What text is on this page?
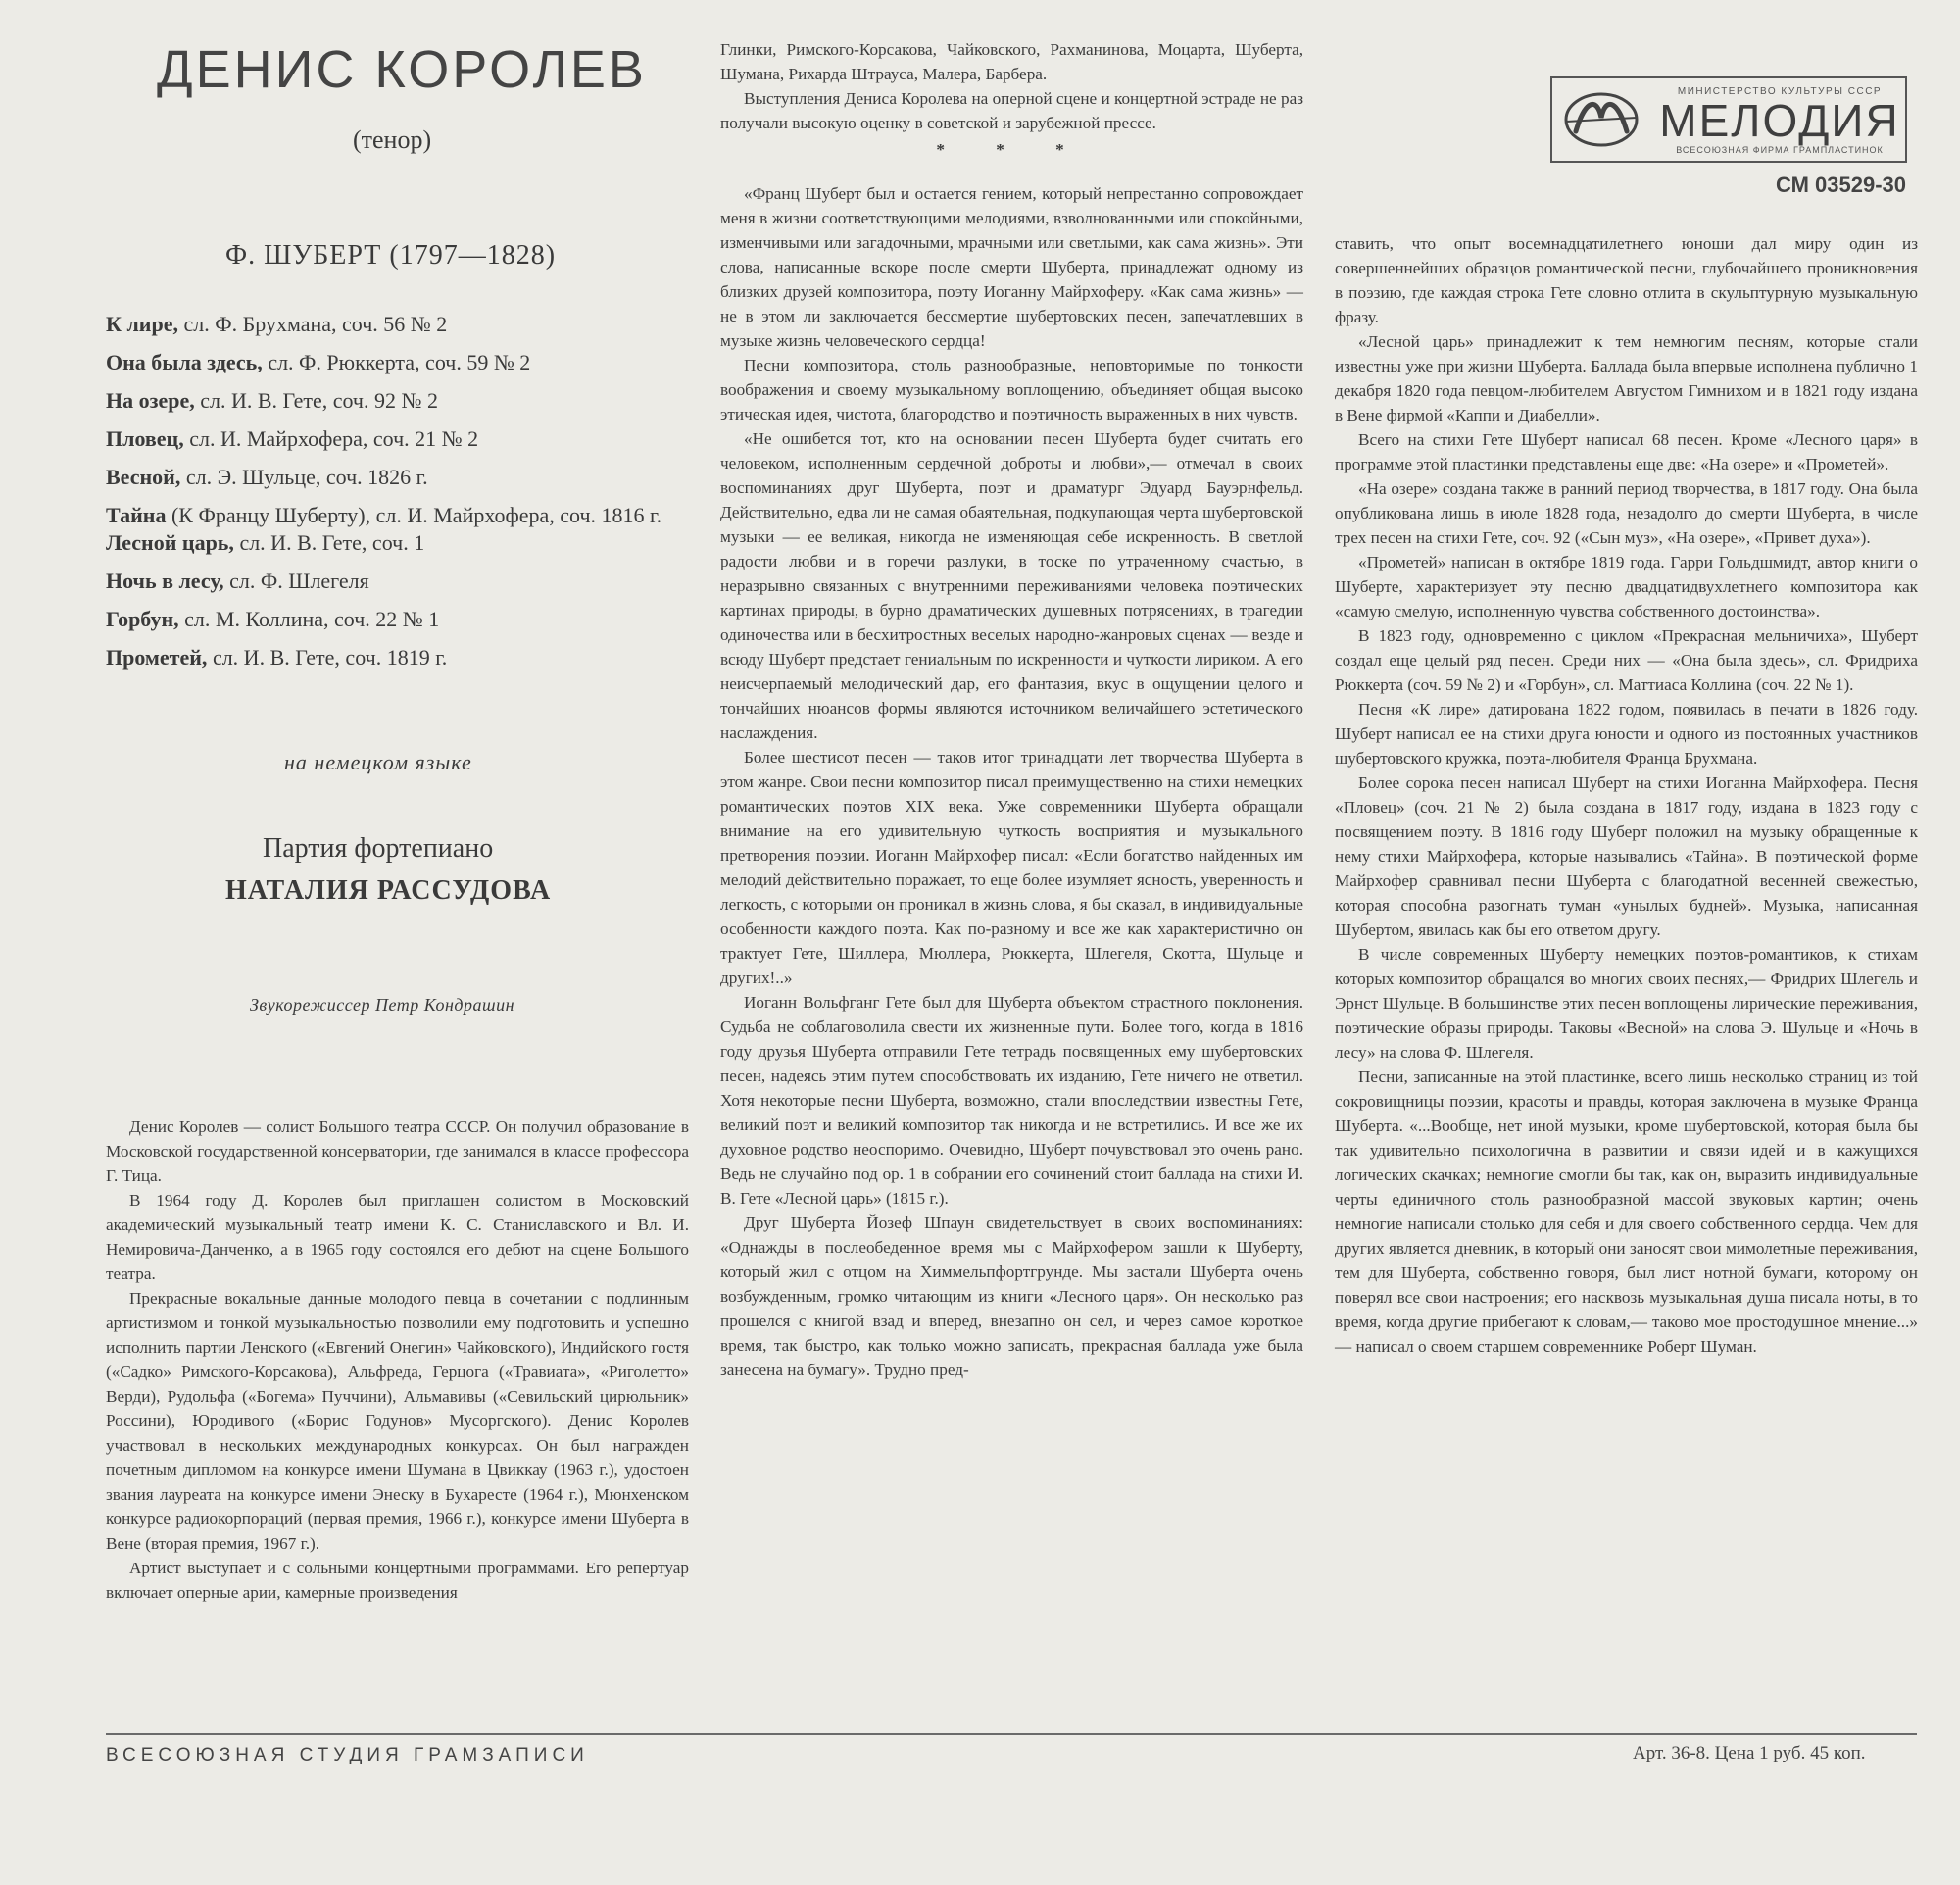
ДЕНИС КОРОЛЕВ
(тенор)
Ф. ШУБЕРТ (1797—1828)
К лире, сл. Ф. Брухмана, соч. 56 № 2
Она была здесь, сл. Ф. Рюккерта, соч. 59 № 2
На озере, сл. И. В. Гете, соч. 92 № 2
Пловец, сл. И. Майрхофера, соч. 21 № 2
Весной, сл. Э. Шульце, соч. 1826 г.
Тайна (К Францу Шуберту), сл. И. Майрхофера, соч. 1816 г.
Лесной царь, сл. И. В. Гете, соч. 1
Ночь в лесу, сл. Ф. Шлегеля
Горбун, сл. М. Коллина, соч. 22 № 1
Прометей, сл. И. В. Гете, соч. 1819 г.
на немецком языке
Партия фортепиано
НАТАЛИЯ РАССУДОВА
Звукорежиссер Петр Кондрашин

Денис Королев — солист Большого театра СССР. Он получил образование в Московской государственной консерватории, где занимался в классе профессора Г. Тица.

В 1964 году Д. Королев был приглашен солистом в Московский академический музыкальный театр имени К. С. Станиславского и Вл. И. Немировича-Данченко, а в 1965 году состоялся его дебют на сцене Большого театра.

Прекрасные вокальные данные молодого певца в сочетании с подлинным артистизмом и тонкой музыкальностью позволили ему подготовить и успешно исполнить партии Ленского («Евгений Онегин» Чайковского), Индийского гостя («Садко» Римского-Корсакова), Альфреда, Герцога («Травиата», «Риголетто» Верди), Рудольфа («Богема» Пуччини), Альмавивы («Севильский цирюльник» Россини), Юродивого («Борис Годунов» Мусоргского). Денис Королев участвовал в нескольких международных конкурсах. Он был награжден почетным дипломом на конкурсе имени Шумана в Цвиккау (1963 г.), удостоен звания лауреата на конкурсе имени Энеску в Бухаресте (1964 г.), Мюнхенском конкурсе радиокорпораций (первая премия, 1966 г.), конкурсе имени Шуберта в Вене (вторая премия, 1967 г.).

Артист выступает и с сольными концертными программами. Его репертуар включает оперные арии, камерные произведения

Глинки, Римского-Корсакова, Чайковского, Рахманинова, Моцарта, Шуберта, Шумана, Рихарда Штрауса, Малера, Барбера.

Выступления Дениса Королева на оперной сцене и концертной эстраде не раз получали высокую оценку в советской и зарубежной прессе.

* * *

«Франц Шуберт был и остается гением, который непрестанно сопровождает меня в жизни соответствующими мелодиями, взволнованными или спокойными, изменчивыми или загадочными, мрачными или светлыми, как сама жизнь». Эти слова, написанные вскоре после смерти Шуберта, принадлежат одному из близких друзей композитора, поэту Иоганну Майрхоферу. «Как сама жизнь» — не в этом ли заключается бессмертие шубертовских песен, запечатлевших в музыке жизнь человеческого сердца!

Песни композитора, столь разнообразные, неповторимые по тонкости воображения и своему музыкальному воплощению, объединяет общая высоко этическая идея, чистота, благородство и поэтичность выраженных в них чувств.

«Не ошибется тот, кто на основании песен Шуберта будет считать его человеком, исполненным сердечной доброты и любви»,— отмечал в своих воспоминаниях друг Шуберта, поэт и драматург Эдуард Бауэрнфельд. Действительно, едва ли не самая обаятельная, подкупающая черта шубертовской музыки — ее великая, никогда не изменяющая себе искренность. В светлой радости любви и в горечи разлуки, в тоске по утраченному счастью, в неразрывно связанных с внутренними переживаниями человека поэтических картинах природы, в бурно драматических душевных потрясениях, в трагедии одиночества или в бесхитростных веселых народно-жанровых сценах — везде и всюду Шуберт предстает гениальным по искренности и чуткости лириком. А его неисчерпаемый мелодический дар, его фантазия, вкус в ощущении целого и тончайших нюансов формы являются источником величайшего эстетического наслаждения.

Более шестисот песен — таков итог тринадцати лет творчества Шуберта в этом жанре. Свои песни композитор писал преимущественно на стихи немецких романтических поэтов XIX века. Уже современники Шуберта обращали внимание на его удивительную чуткость восприятия и музыкального претворения поэзии. Иоганн Майрхофер писал: «Если богатство найденных им мелодий действительно поражает, то еще более изумляет ясность, уверенность и легкость, с которыми он проникал в жизнь слова, я бы сказал, в индивидуальные особенности каждого поэта. Как по-разному и все же как характеристично он трактует Гете, Шиллера, Мюллера, Рюккерта, Шлегеля, Скотта, Шульце и других!..»

Иоганн Вольфганг Гете был для Шуберта объектом страстного поклонения. Судьба не соблаговолила свести их жизненные пути. Более того, когда в 1816 году друзья Шуберта отправили Гете тетрадь посвященных ему шубертовских песен, надеясь этим путем способствовать их изданию, Гете ничего не ответил. Хотя некоторые песни Шуберта, возможно, стали впоследствии известны Гете, великий поэт и великий композитор так никогда и не встретились. И все же их духовное родство неоспоримо. Очевидно, Шуберт почувствовал это очень рано. Ведь не случайно под ор. 1 в собрании его сочинений стоит баллада на стихи И. В. Гете «Лесной царь» (1815 г.).

Друг Шуберта Йозеф Шпаун свидетельствует в своих воспоминаниях: «Однажды в послеобеденное время мы с Майрхофером зашли к Шуберту, который жил с отцом на Химмельпфортгрунде. Мы застали Шуберта очень возбужденным, громко читающим из книги «Лесного царя». Он несколько раз прошелся с книгой взад и вперед, внезапно он сел, и через самое короткое время, так быстро, как только можно записать, прекрасная баллада уже была занесена на бумагу». Трудно пред-

МИНИСТЕРСТВО КУЛЬТУРЫ СССР
МЕЛОДИЯ
ВСЕСОЮЗНАЯ ФИРМА ГРАМПЛАСТИНОК
СМ 03529-30

ставить, что опыт восемнадцатилетнего юноши дал миру один из совершеннейших образцов романтической песни, глубочайшего проникновения в поэзию, где каждая строка Гете словно отлита в скульптурную музыкальную фразу.

«Лесной царь» принадлежит к тем немногим песням, которые стали известны уже при жизни Шуберта. Баллада была впервые исполнена публично 1 декабря 1820 года певцом-любителем Августом Гимнихом и в 1821 году издана в Вене фирмой «Каппи и Диабелли».

Всего на стихи Гете Шуберт написал 68 песен. Кроме «Лесного царя» в программе этой пластинки представлены еще две: «На озере» и «Прометей».

«На озере» создана также в ранний период творчества, в 1817 году. Она была опубликована лишь в июле 1828 года, незадолго до смерти Шуберта, в числе трех песен на стихи Гете, соч. 92 («Сын муз», «На озере», «Привет духа»).

«Прометей» написан в октябре 1819 года. Гарри Гольдшмидт, автор книги о Шуберте, характеризует эту песню двадцатидвухлетнего композитора как «самую смелую, исполненную чувства собственного достоинства».

В 1823 году, одновременно с циклом «Прекрасная мельничиха», Шуберт создал еще целый ряд песен. Среди них — «Она была здесь», сл. Фридриха Рюккерта (соч. 59 № 2) и «Горбун», сл. Маттиаса Коллина (соч. 22 № 1).

Песня «К лире» датирована 1822 годом, появилась в печати в 1826 году. Шуберт написал ее на стихи друга юности и одного из постоянных участников шубертовского кружка, поэта-любителя Франца Брухмана.

Более сорока песен написал Шуберт на стихи Иоганна Майрхофера. Песня «Пловец» (соч. 21 № 2) была создана в 1817 году, издана в 1823 году с посвящением поэту. В 1816 году Шуберт положил на музыку обращенные к нему стихи Майрхофера, которые назывались «Тайна». В поэтической форме Майрхофер сравнивал песни Шуберта с благодатной весенней свежестью, которая способна разогнать туман «унылых будней». Музыка, написанная Шубертом, явилась как бы его ответом другу.

В числе современных Шуберту немецких поэтов-романтиков, к стихам которых композитор обращался во многих своих песнях,— Фридрих Шлегель и Эрнст Шульце. В большинстве этих песен воплощены лирические переживания, поэтические образы природы. Таковы «Весной» на слова Э. Шульце и «Ночь в лесу» на слова Ф. Шлегеля.

Песни, записанные на этой пластинке, всего лишь несколько страниц из той сокровищницы поэзии, красоты и правды, которая заключена в музыке Франца Шуберта. «...Вообще, нет иной музыки, кроме шубертовской, которая была бы так удивительно психологична в развитии и связи идей и в кажущихся логических скачках; немногие смогли бы так, как он, выразить индивидуальные черты единичного столь разнообразной массой звуковых картин; очень немногие написали столько для себя и для своего собственного сердца. Чем для других является дневник, в который они заносят свои мимолетные переживания, тем для Шуберта, собственно говоря, был лист нотной бумаги, которому он поверял все свои настроения; его насквозь музыкальная душа писала ноты, в то время, когда другие прибегают к словам,— таково мое простодушное мнение...» — написал о своем старшем современнике Роберт Шуман.

ВСЕСОЮЗНАЯ СТУДИЯ ГРАМЗАПИСИ	Арт. 36-8. Цена 1 руб. 45 коп.
